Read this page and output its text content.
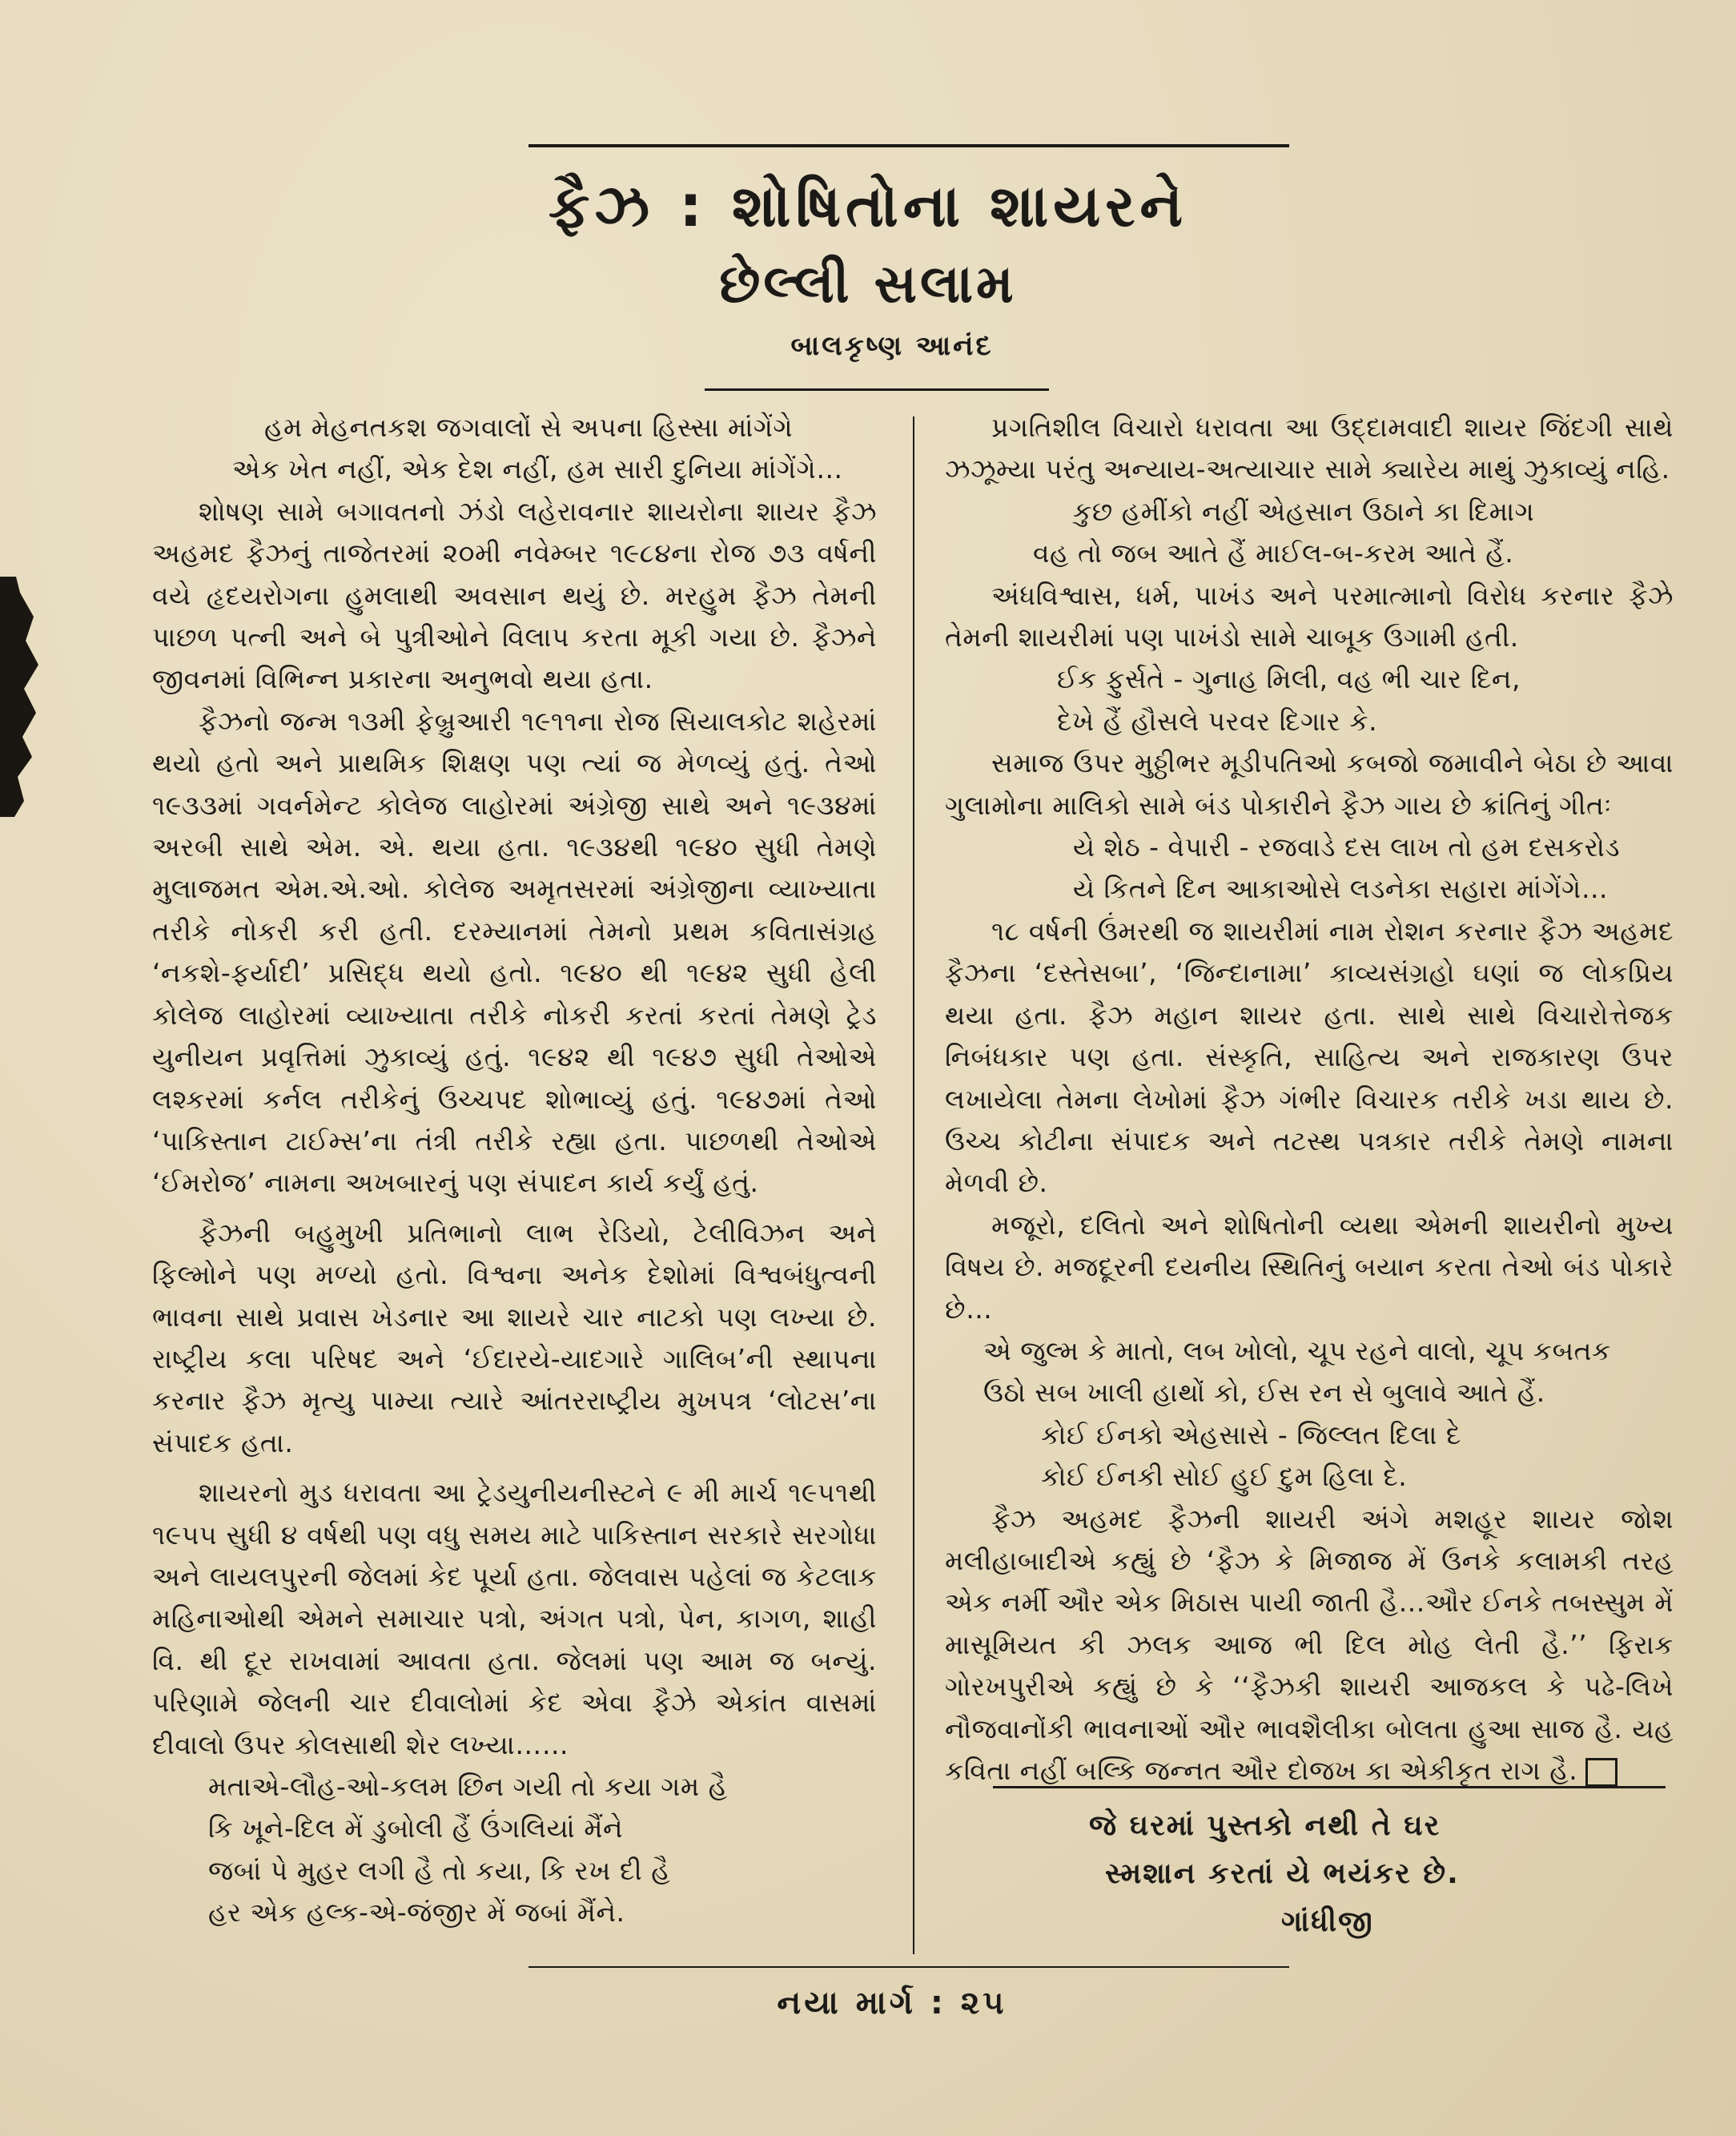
ફૈઝ : શોષિતોના શાયરને
છેલ્લી સલામ
બાલકૃષ્ણ આનંદ
હમ મેહનતકશ જગવાલોં સે અપના હિસ્સા માંગેંગે
એક ખેત નહીં, એક દેશ નહીં, હમ સારી દુનિયા માંગેંગે…

શોષણ સામે બગાવતનો ઝંડો લહેરાવનાર શાયરોના શાયર ફૈઝ અહમદ ફૈઝનું તાજેતરમાં ૨૦મી નવેમ્બર ૧૯૮૪ના રોજ ૭૩ વર્ષની વયે હૃદયરોગના હુમલાથી અવસાન થયું છે. મરહુમ ફૈઝ તેમની પાછળ પત્ની અને બે પુત્રીઓને વિલાપ કરતા મૂકી ગયા છે. ફૈઝને જીવનમાં વિભિન્ન પ્રકારના અનુભવો થયા હતા.

ફૈઝનો જન્મ ૧૩મી ફેબ્રુઆરી ૧૯૧૧ના રોજ સિયાલકોટ શહેરમાં થયો હતો અને પ્રાથમિક શિક્ષણ પણ ત્યાં જ મેળવ્યું હતું. તેઓ ૧૯૩૩માં ગવર્નમેન્ટ કોલેજ લાહોરમાં અંગ્રેજી સાથે અને ૧૯૩૪માં અરબી સાથે એમ. એ. થયા હતા. ૧૯૩૪થી ૧૯૪૦ સુધી તેમણે મુલાજમત એમ.એ.ઓ. કોલેજ અમૃતસરમાં અંગ્રેજીના વ્યાખ્યાતા તરીકે નોકરી કરી હતી. દરમ્યાનમાં તેમનો પ્રથમ કવિતાસંગ્રહ ‘નકશે-ફર્યાદી’ પ્રસિદ્ધ થયો હતો. ૧૯૪૦ થી ૧૯૪૨ સુધી હેલી કોલેજ લાહોરમાં વ્યાખ્યાતા તરીકે નોકરી કરતાં કરતાં તેમણે ટ્રેડ યુનીયન પ્રવૃત્તિમાં ઝુકાવ્યું હતું. ૧૯૪૨ થી ૧૯૪૭ સુધી તેઓએ લશ્કરમાં કર્નલ તરીકેનું ઉચ્ચપદ શોભાવ્યું હતું. ૧૯૪૭માં તેઓ ‘પાકિસ્તાન ટાઈમ્સ’ના તંત્રી તરીકે રહ્યા હતા. પાછળથી તેઓએ ‘ઈમરોજ’ નામના અખબારનું પણ સંપાદન કાર્ય કર્યું હતું.

ફૈઝની બહુમુખી પ્રતિભાનો લાભ રેડિયો, ટેલીવિઝન અને ફિલ્મોને પણ મળ્યો હતો. વિશ્વના અનેક દેશોમાં વિશ્વબંધુત્વની ભાવના સાથે પ્રવાસ ખેડનાર આ શાયરે ચાર નાટકો પણ લખ્યા છે. રાષ્ટ્રીય કલા પરિષદ અને ‘ઈદારયે-યાદગારે ગાલિબ’ની સ્થાપના કરનાર ફૈઝ મૃત્યુ પામ્યા ત્યારે આંતરરાષ્ટ્રીય મુખપત્ર ‘લોટસ’ના સંપાદક હતા.

શાયરનો મુડ ધરાવતા આ ટ્રેડયુનીયનીસ્ટને ૯ મી માર્ચ ૧૯૫૧થી ૧૯૫૫ સુધી ૪ વર્ષથી પણ વધુ સમય માટે પાકિસ્તાન સરકારે સરગોધા અને લાયલપુરની જેલમાં કેદ પૂર્યા હતા. જેલવાસ પહેલાં જ કેટલાક મહિનાઓથી એમને સમાચાર પત્રો, અંગત પત્રો, પેન, કાગળ, શાહી વિ. થી દૂર રાખવામાં આવતા હતા. જેલમાં પણ આમ જ બન્યું. પરિણામે જેલની ચાર દીવાલોમાં કેદ એવા ફૈઝે એકાંત વાસમાં દીવાલો ઉપર કોલસાથી શેર લખ્યા……

મતાએ-લૌહ-ઓ-કલમ છિન ગયી તો કયા ગમ હૈ
કિ ખૂને-દિલ મેં ડુબોલી હૈં ઉંગલિયાં મૈંને
જબાં પે મુહર લગી હૈ તો કયા, કિ રખ દી હૈ
હર એક હલ્ક-એ-જંજીર મેં જબાં મૈંને.

પ્રગતિશીલ વિચારો ધરાવતા આ ઉદ્દામવાદી શાયર જિંદગી સાથે ઝઝૂમ્યા પરંતુ અન્યાય-અત્યાચાર સામે ક્યારેય માથું ઝુકાવ્યું નહિ.

કુછ હમીંકો નહીં એહસાન ઉઠાને કા દિમાગ
વહ તો જબ આતે હૈં માઈલ-બ-કરમ આતે હૈં.

અંધવિશ્વાસ, ધર્મ, પાખંડ અને પરમાત્માનો વિરોધ કરનાર ફૈઝે તેમની શાયરીમાં પણ પાખંડો સામે ચાબૂક ઉગામી હતી.

ઈક ફુર્સતે - ગુનાહ મિલી, વહ ભી ચાર દિન,
દેખે હૈં હૌસલે પરવર દિગાર કે.

સમાજ ઉપર મુઠ્ઠીભર મૂડીપતિઓ કબજો જમાવીને બેઠા છે આવા ગુલામોના માલિકો સામે બંડ પોકારીને ફૈઝ ગાય છે ક્રાંતિનું ગીતઃ

યે શેઠ - વેપારી - રજવાડે દસ લાખ તો હમ દસકરોડ
યે કિતને દિન આકાઓસે લડનેકા સહારા માંગેંગે…

૧૮ વર્ષની ઉંમરથી જ શાયરીમાં નામ રોશન કરનાર ફૈઝ અહમદ ફૈઝના ‘દસ્તેસબા’, ‘જિન્દાનામા’ કાવ્યસંગ્રહો ઘણાં જ લોકપ્રિય થયા હતા. ફૈઝ મહાન શાયર હતા. સાથે સાથે વિચારોત્તેજક નિબંધકાર પણ હતા. સંસ્કૃતિ, સાહિત્ય અને રાજકારણ ઉપર લખાયેલા તેમના લેખોમાં ફૈઝ ગંભીર વિચારક તરીકે ખડા થાય છે. ઉચ્ચ કોટીના સંપાદક અને તટસ્થ પત્રકાર તરીકે તેમણે નામના મેળવી છે.

મજૂરો, દલિતો અને શોષિતોની વ્યથા એમની શાયરીનો મુખ્ય વિષય છે. મજદૂરની દયનીય સ્થિતિનું બયાન કરતા તેઓ બંડ પોકારે છે…

એ જુલ્મ કે માતો, લબ ખોલો, ચૂપ રહને વાલો, ચૂપ કબતક
ઉઠો સબ ખાલી હાથોં કો, ઈસ રન સે બુલાવે આતે હૈં.
કોઈ ઈનકો એહસાસે - જિલ્લત દિલા દે
કોઈ ઈનકી સોઈ હુઈ દુમ હિલા દે.

ફૈઝ અહમદ ફૈઝની શાયરી અંગે મશહૂર શાયર જોશ મલીહાબાદીએ કહ્યું છે ‘ફૈઝ કે મિજાજ મેં ઉનકે કલામકી તરહ એક નર્મી ઔર એક મિઠાસ પાયી જાતી હૈ…ઔર ઈનકે તબસ્સુમ મેં માસૂમિયત કી ઝલક આજ ભી દિલ મોહ લેતી હૈ.’’ ફિરાક ગોરખપુરીએ કહ્યું છે કે ‘‘ફૈઝકી શાયરી આજકલ કે પઢે-લિખે નૌજવાનોંકી ભાવનાઓં ઔર ભાવશૈલીકા બોલતા હુઆ સાજ હૈ. યહ કવિતા નહીં બલ્કિ જન્નત ઔર દોજખ કા એકીકૃત રાગ હૈ.

જે ઘરમાં પુસ્તકો નથી તે ઘર
સ્મશાન કરતાં યે ભયંકર છે.
ગાંધીજી
નયા માર્ગ : ૨૫
